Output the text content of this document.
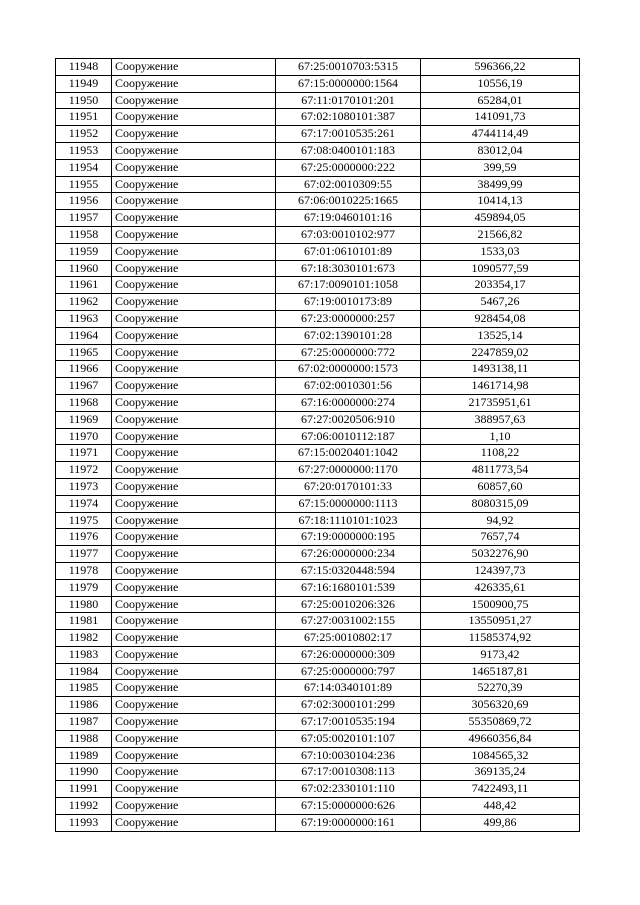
11948	Сооружение	67:25:0010703:5315	596366,22
11949	Сооружение	67:15:0000000:1564	10556,19
11950	Сооружение	67:11:0170101:201	65284,01
11951	Сооружение	67:02:1080101:387	141091,73
11952	Сооружение	67:17:0010535:261	4744114,49
11953	Сооружение	67:08:0400101:183	83012,04
11954	Сооружение	67:25:0000000:222	399,59
11955	Сооружение	67:02:0010309:55	38499,99
11956	Сооружение	67:06:0010225:1665	10414,13
11957	Сооружение	67:19:0460101:16	459894,05
11958	Сооружение	67:03:0010102:977	21566,82
11959	Сооружение	67:01:0610101:89	1533,03
11960	Сооружение	67:18:3030101:673	1090577,59
11961	Сооружение	67:17:0090101:1058	203354,17
11962	Сооружение	67:19:0010173:89	5467,26
11963	Сооружение	67:23:0000000:257	928454,08
11964	Сооружение	67:02:1390101:28	13525,14
11965	Сооружение	67:25:0000000:772	2247859,02
11966	Сооружение	67:02:0000000:1573	1493138,11
11967	Сооружение	67:02:0010301:56	1461714,98
11968	Сооружение	67:16:0000000:274	21735951,61
11969	Сооружение	67:27:0020506:910	388957,63
11970	Сооружение	67:06:0010112:187	1,10
11971	Сооружение	67:15:0020401:1042	1108,22
11972	Сооружение	67:27:0000000:1170	4811773,54
11973	Сооружение	67:20:0170101:33	60857,60
11974	Сооружение	67:15:0000000:1113	8080315,09
11975	Сооружение	67:18:1110101:1023	94,92
11976	Сооружение	67:19:0000000:195	7657,74
11977	Сооружение	67:26:0000000:234	5032276,90
11978	Сооружение	67:15:0320448:594	124397,73
11979	Сооружение	67:16:1680101:539	426335,61
11980	Сооружение	67:25:0010206:326	1500900,75
11981	Сооружение	67:27:0031002:155	13550951,27
11982	Сооружение	67:25:0010802:17	11585374,92
11983	Сооружение	67:26:0000000:309	9173,42
11984	Сооружение	67:25:0000000:797	1465187,81
11985	Сооружение	67:14:0340101:89	52270,39
11986	Сооружение	67:02:3000101:299	3056320,69
11987	Сооружение	67:17:0010535:194	55350869,72
11988	Сооружение	67:05:0020101:107	49660356,84
11989	Сооружение	67:10:0030104:236	1084565,32
11990	Сооружение	67:17:0010308:113	369135,24
11991	Сооружение	67:02:2330101:110	7422493,11
11992	Сооружение	67:15:0000000:626	448,42
11993	Сооружение	67:19:0000000:161	499,86
